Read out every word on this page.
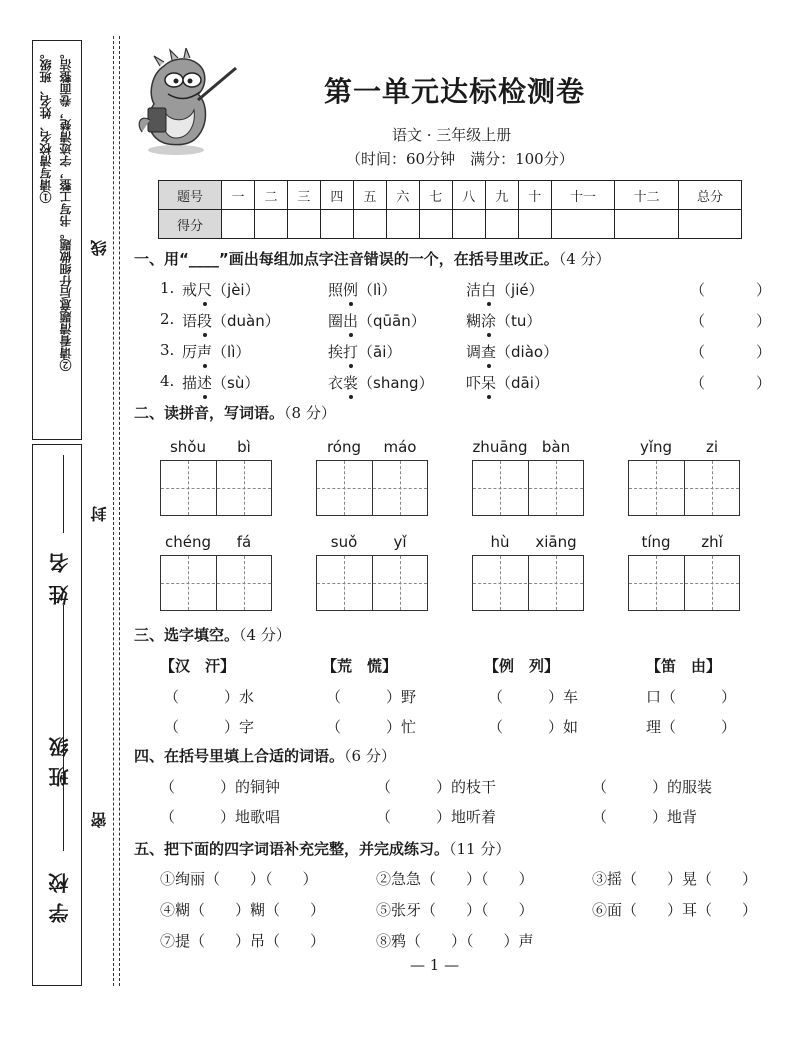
①请写清校名、姓名、班级。 ②请看清题意后仔细做题。书写工整，字迹清楚，卷面整洁。
学校
班级
姓名
线
封
密
第一单元达标检测卷
语文 · 三年级上册
（时间：60分钟　满分：100分）
题号	一	二	三	四	五	六	七	八	九	十	十一	十二	总分
得分													
一、用“____”画出每组加点字注音错误的一个，在括号里改正。（4 分）
1. 戒尺（jèi）	照例（lì）	洁白（jié）	（	）
2. 语段（duàn）	圈出（qūān）	糊涂（tu）	（	）
3. 厉声（lì）	挨打（āi）	调查（diào）	（	）
4. 描述（sù）	衣裳（shang） 吓呆（dāi）	（	）
二、读拼音，写词语。（8 分）
shǒu	bì	róng	máo	zhuāng bàn	yǐng	zi
chéng	fá	suǒ	yǐ	hù	xiāng	tíng	zhǐ
三、选字填空。（4 分）
【汉　汗】
（　　　）水
（　　　）字
【荒　慌】
（　　　）野
（　　　）忙
【例　列】
（　　　）车
（　　　）如
【笛　由】
口（　　　）
理（　　　）
四、在括号里填上合适的词语。（6 分）
（　　　）的铜钟	（　　　）的枝干	（　　　）的服装
（　　　）地歌唱	（　　　）地听着	（　　　）地背
五、把下面的四字词语补充完整，并完成练习。（11 分）
①绚丽（　　）（　　）	②急急（　　）（　　）	③摇（　　）晃（　　）
④糊（　　）糊（　　）	⑤张牙（　　）（　　）	⑥面（　　）耳（　　）
⑦提（　　）吊（　　）	⑧鸦（　　）（　　）声
— 1 —
